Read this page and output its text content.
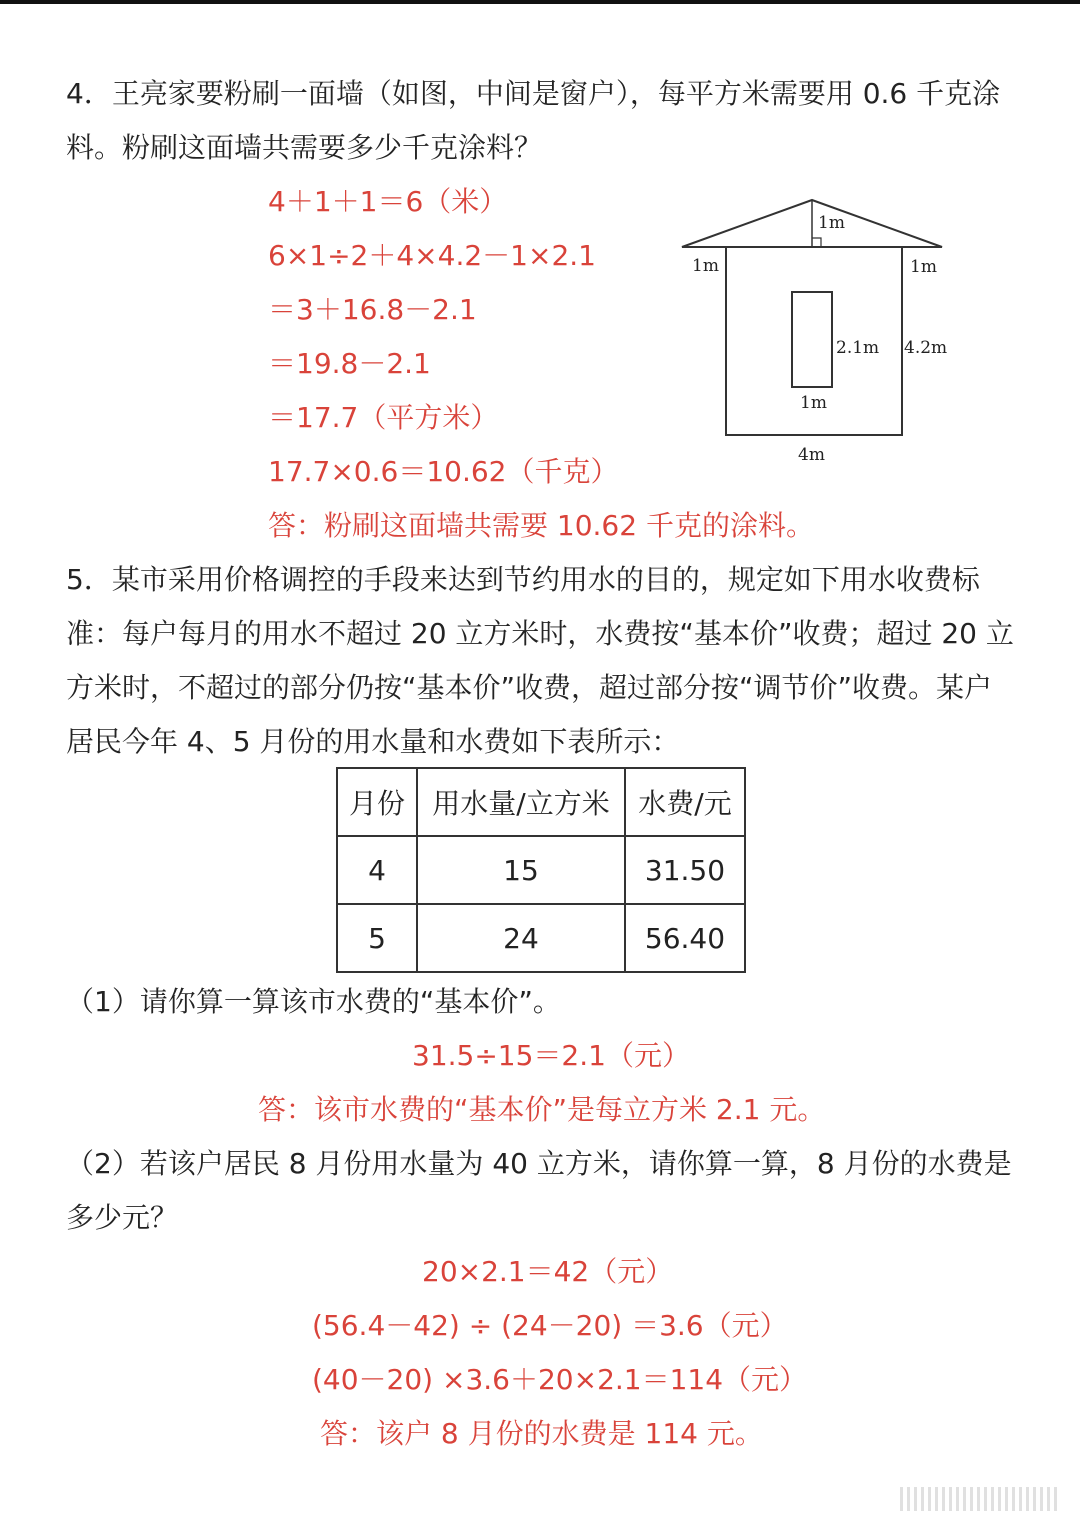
4．王亮家要粉刷一面墙（如图，中间是窗户），每平方米需要用 0.6 千克涂
料。粉刷这面墙共需要多少千克涂料？
4＋1＋1＝6（米）
6×1÷2＋4×4.2－1×2.1
＝3＋16.8－2.1
＝19.8－2.1
＝17.7（平方米）
17.7×0.6＝10.62（千克）
答：粉刷这面墙共需要 10.62 千克的涂料。
1m
1m	1m
2.1m 4.2m
1m
4m
5．某市采用价格调控的手段来达到节约用水的目的，规定如下用水收费标
准：每户每月的用水不超过 20 立方米时，水费按“基本价”收费；超过 20 立
方米时，不超过的部分仍按“基本价”收费，超过部分按“调节价”收费。某户
居民今年 4、5 月份的用水量和水费如下表所示：
月份	用水量/立方米	水费/元
4	15	31.50
5	24	56.40
（1）请你算一算该市水费的“基本价”。
31.5÷15＝2.1（元）
答：该市水费的“基本价”是每立方米 2.1 元。
（2）若该户居民 8 月份用水量为 40 立方米，请你算一算，8 月份的水费是
多少元？
20×2.1＝42（元）
(56.4－42) ÷ (24－20) ＝3.6（元）
(40－20) ×3.6＋20×2.1＝114（元）
答：该户 8 月份的水费是 114 元。
